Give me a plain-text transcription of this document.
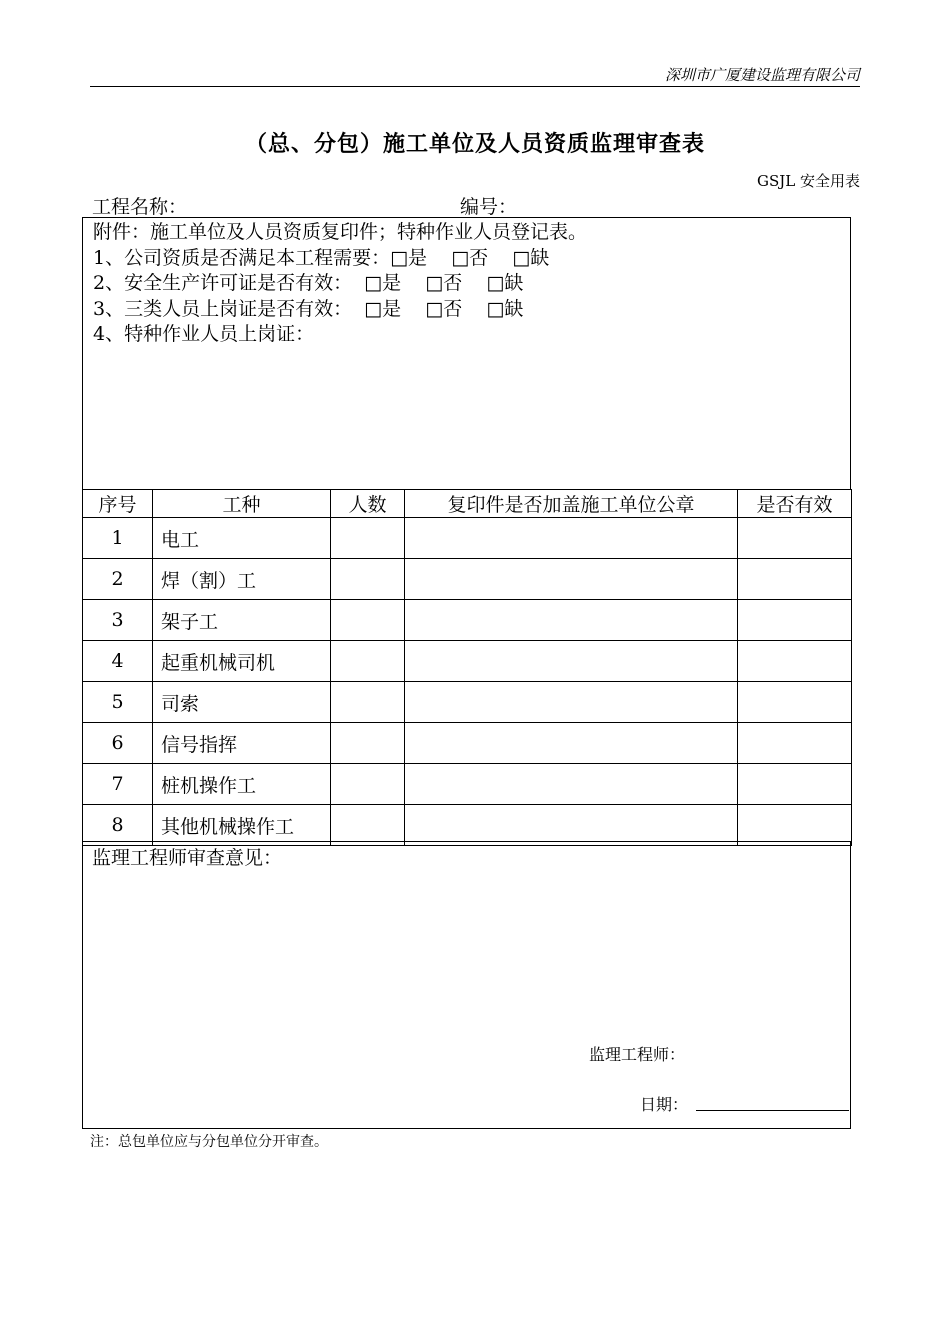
深圳市广厦建设监理有限公司
（总、分包）施工单位及人员资质监理审查表
GSJL 安全用表
工程名称：	编号：
附件：施工单位及人员资质复印件；特种作业人员登记表。
1、公司资质是否满足本工程需要：□是    □否    □缺
2、安全生产许可证是否有效：  □是    □否    □缺
3、三类人员上岗证是否有效：  □是    □否    □缺
4、特种作业人员上岗证：
序号	工种	人数	复印件是否加盖施工单位公章	是否有效
1	电工			
2	焊（割）工			
3	架子工			
4	起重机械司机			
5	司索			
6	信号指挥			
7	桩机操作工			
8	其他机械操作工			
监理工程师审查意见：
监理工程师：
日期：
注：总包单位应与分包单位分开审查。
